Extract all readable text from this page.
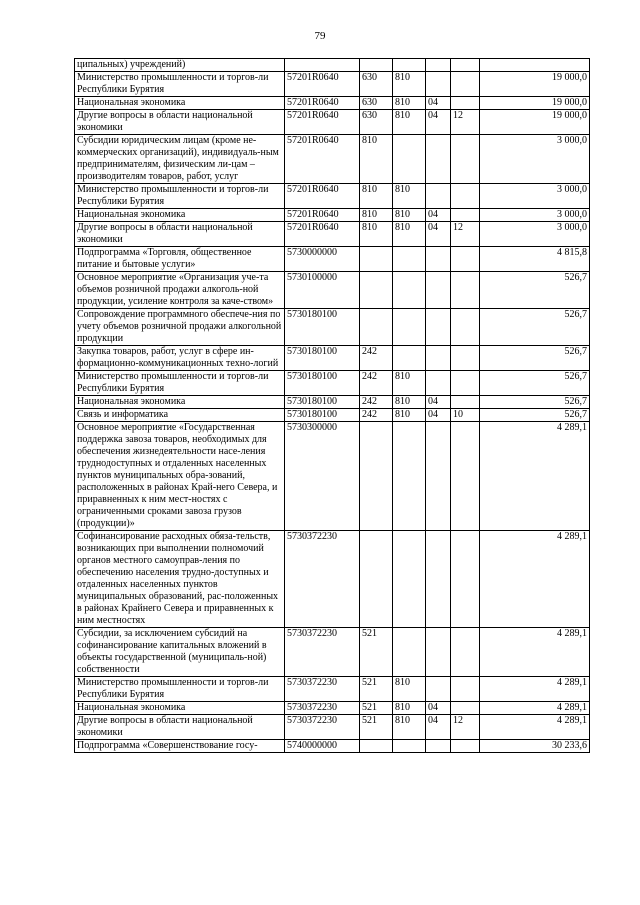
79
ципальных) учреждений)						
Министерство промышленности и торгов-ли Республики Бурятия	57201R0640	630	810			19 000,0
Национальная экономика	57201R0640	630	810	04		19 000,0
Другие вопросы в области национальной экономики	57201R0640	630	810	04	12	19 000,0
Субсидии юридическим лицам (кроме не-коммерческих организаций), индивидуаль-ным предпринимателям, физическим ли-цам – производителям товаров, работ, услуг	57201R0640	810				3 000,0
Министерство промышленности и торгов-ли Республики Бурятия	57201R0640	810	810			3 000,0
Национальная экономика	57201R0640	810	810	04		3 000,0
Другие вопросы в области национальной экономики	57201R0640	810	810	04	12	3 000,0
Подпрограмма «Торговля, общественное питание и бытовые услуги»	5730000000					4 815,8
Основное мероприятие «Организация уче-та объемов розничной продажи алкоголь-ной продукции, усиление контроля за каче-ством»	5730100000					526,7
Сопровождение программного обеспече-ния по учету объемов розничной продажи алкогольной продукции	5730180100					526,7
Закупка товаров, работ, услуг в сфере ин-формационно-коммуникационных техно-логий	5730180100	242				526,7
Министерство промышленности и торгов-ли Республики Бурятия	5730180100	242	810			526,7
Национальная экономика	5730180100	242	810	04		526,7
Связь и информатика	5730180100	242	810	04	10	526,7
Основное мероприятие «Государственная поддержка завоза товаров, необходимых для обеспечения жизнедеятельности насе-ления труднодоступных и отдаленных населенных пунктов муниципальных обра-зований, расположенных в районах Край-него Севера, и приравненных к ним мест-ностях с ограниченными сроками завоза грузов (продукции)»	5730300000					4 289,1
Софинансирование расходных обяза-тельств, возникающих при выполнении полномочий органов местного самоуправ-ления по обеспечению населения трудно-доступных и отдаленных населенных пунктов муниципальных образований, рас-положенных в районах Крайнего Севера и приравненных к ним местностях	5730372230					4 289,1
Субсидии, за исключением субсидий на софинансирование капитальных вложений в объекты государственной (муниципаль-ной) собственности	5730372230	521				4 289,1
Министерство промышленности и торгов-ли Республики Бурятия	5730372230	521	810			4 289,1
Национальная экономика	5730372230	521	810	04		4 289,1
Другие вопросы в области национальной экономики	5730372230	521	810	04	12	4 289,1
Подпрограмма «Совершенствование госу-	5740000000					30 233,6
